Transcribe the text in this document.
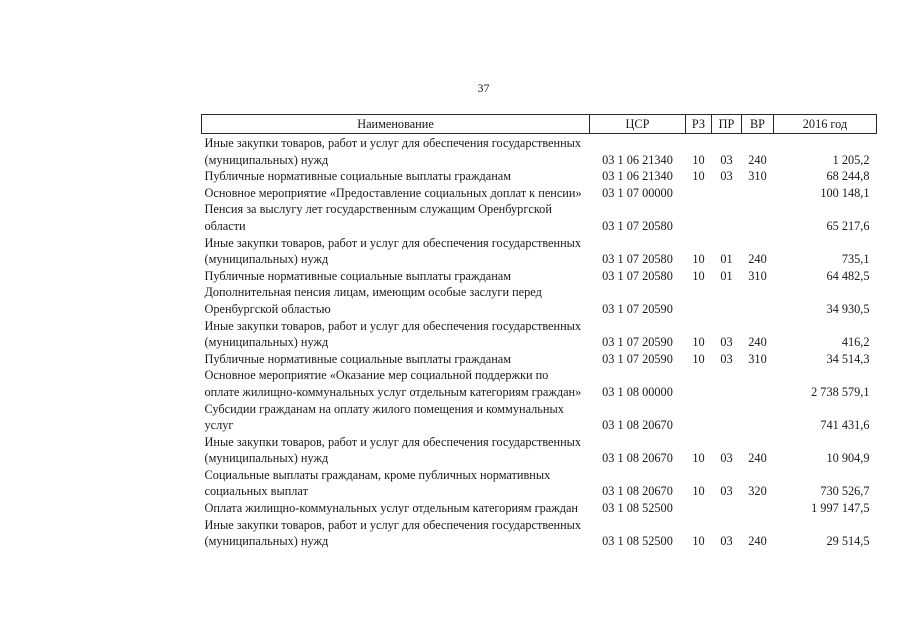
37
Наименование	ЦСР	РЗ	ПР	ВР	2016 год
Иные закупки товаров, работ и услуг для обеспечения государственных (муниципальных) нужд	03 1 06 21340	10	03	240	1 205,2
Публичные нормативные социальные выплаты гражданам	03 1 06 21340	10	03	310	68 244,8
Основное мероприятие «Предоставление социальных доплат к пенсии»	03 1 07 00000				100 148,1
Пенсия за выслугу лет государственным служащим Оренбургской области	03 1 07 20580				65 217,6
Иные закупки товаров, работ и услуг для обеспечения государственных (муниципальных) нужд	03 1 07 20580	10	01	240	735,1
Публичные нормативные социальные выплаты гражданам	03 1 07 20580	10	01	310	64 482,5
Дополнительная пенсия лицам, имеющим особые заслуги перед Оренбургской областью	03 1 07 20590				34 930,5
Иные закупки товаров, работ и услуг для обеспечения государственных (муниципальных) нужд	03 1 07 20590	10	03	240	416,2
Публичные нормативные социальные выплаты гражданам	03 1 07 20590	10	03	310	34 514,3
Основное мероприятие «Оказание мер социальной поддержки по оплате жилищно-коммунальных услуг отдельным категориям граждан»	03 1 08 00000				2 738 579,1
Субсидии гражданам на оплату жилого помещения и коммунальных услуг	03 1 08 20670				741 431,6
Иные закупки товаров, работ и услуг для обеспечения государственных (муниципальных) нужд	03 1 08 20670	10	03	240	10 904,9
Социальные выплаты гражданам, кроме публичных нормативных социальных выплат	03 1 08 20670	10	03	320	730 526,7
Оплата жилищно-коммунальных услуг отдельным категориям граждан	03 1 08 52500				1 997 147,5
Иные закупки товаров, работ и услуг для обеспечения государственных (муниципальных) нужд	03 1 08 52500	10	03	240	29 514,5
